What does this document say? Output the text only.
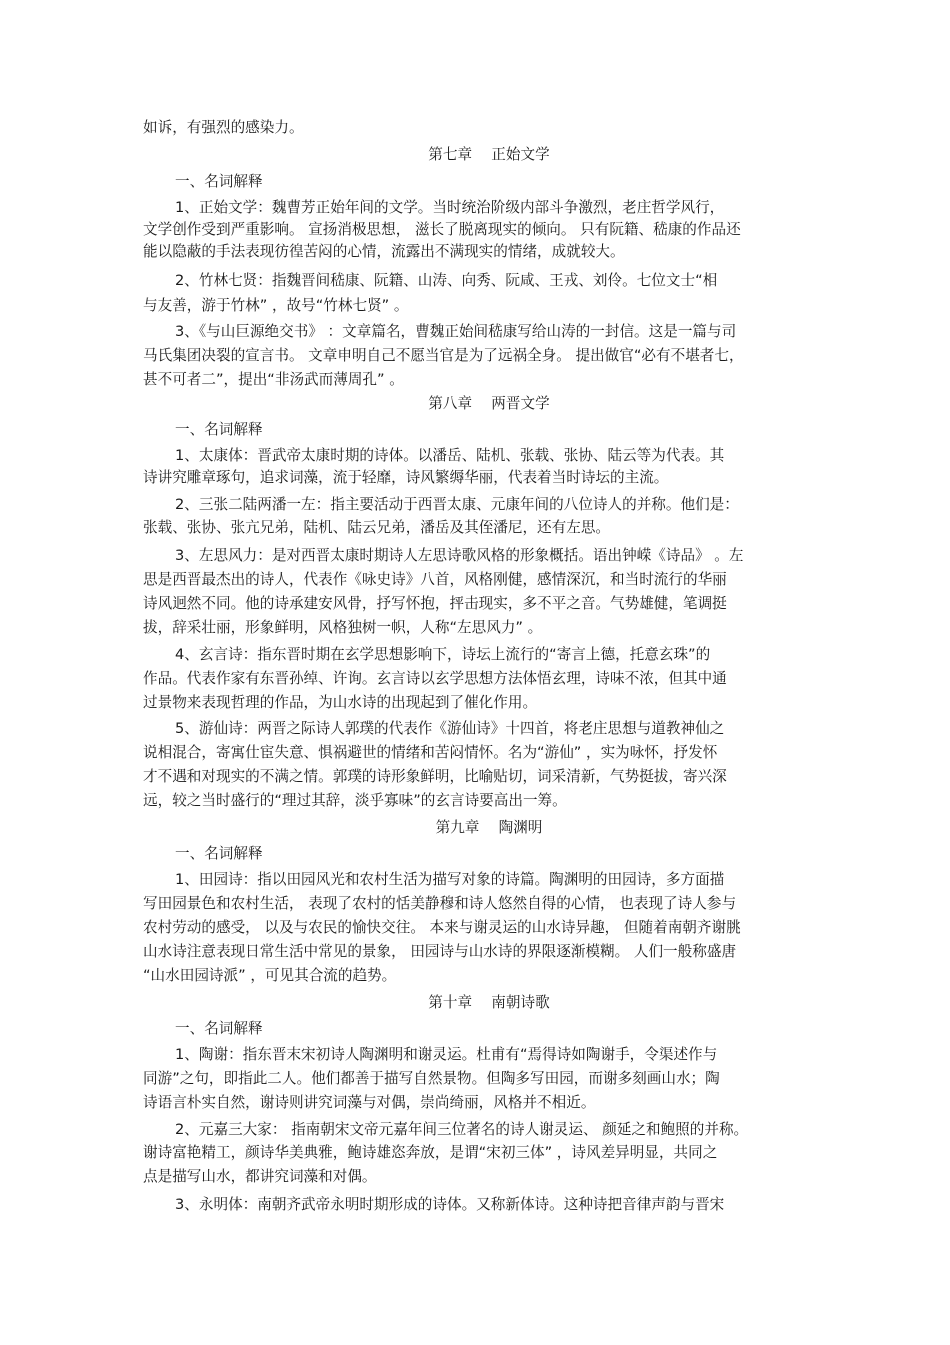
如诉，有强烈的感染力。
第七章　 正始文学
一、名词解释
1、正始文学：魏曹芳正始年间的文学。当时统治阶级内部斗争激烈，老庄哲学风行，
文学创作受到严重影响。 宣扬消极思想， 滋长了脱离现实的倾向。 只有阮籍、嵇康的作品还
能以隐蔽的手法表现彷徨苦闷的心情，流露出不满现实的情绪，成就较大。
2、竹林七贤：指魏晋间嵇康、阮籍、山涛、向秀、阮咸、王戎、刘伶。七位文士“相
与友善，游于竹林” ，故号“竹林七贤” 。
3、《与山巨源绝交书》 ：文章篇名，曹魏正始间嵇康写给山涛的一封信。这是一篇与司
马氏集团决裂的宣言书。 文章申明自己不愿当官是为了远祸全身。 提出做官“必有不堪者七，
甚不可者二”，提出“非汤武而薄周孔” 。
第八章　 两晋文学
一、名词解释
1、太康体：晋武帝太康时期的诗体。以潘岳、陆机、张载、张协、陆云等为代表。其
诗讲究雕章琢句，追求词藻，流于轻靡，诗风繁缛华丽，代表着当时诗坛的主流。
2、三张二陆两潘一左：指主要活动于西晋太康、元康年间的八位诗人的并称。他们是：
张载、张协、张亢兄弟，陆机、陆云兄弟，潘岳及其侄潘尼，还有左思。
3、左思风力：是对西晋太康时期诗人左思诗歌风格的形象概括。语出钟嵘《诗品》 。左
思是西晋最杰出的诗人，代表作《咏史诗》八首，风格刚健，感情深沉，和当时流行的华丽
诗风迥然不同。他的诗承建安风骨，抒写怀抱，抨击现实，多不平之音。气势雄健，笔调挺
拔，辞采壮丽，形象鲜明，风格独树一帜，人称“左思风力” 。
4、玄言诗：指东晋时期在玄学思想影响下，诗坛上流行的“寄言上德，托意玄珠”的
作品。代表作家有东晋孙绰、许询。玄言诗以玄学思想方法体悟玄理，诗味不浓，但其中通
过景物来表现哲理的作品，为山水诗的出现起到了催化作用。
5、游仙诗：两晋之际诗人郭璞的代表作《游仙诗》十四首，将老庄思想与道教神仙之
说相混合，寄寓仕宦失意、惧祸避世的情绪和苦闷情怀。名为“游仙” ，实为咏怀，抒发怀
才不遇和对现实的不满之情。郭璞的诗形象鲜明，比喻贴切，词采清新，气势挺拔，寄兴深
远，较之当时盛行的“理过其辞，淡乎寡味”的玄言诗要高出一筹。
第九章　 陶渊明
一、名词解释
1、田园诗：指以田园风光和农村生活为描写对象的诗篇。陶渊明的田园诗，多方面描
写田园景色和农村生活， 表现了农村的恬美静穆和诗人悠然自得的心情， 也表现了诗人参与
农村劳动的感受， 以及与农民的愉快交往。 本来与谢灵运的山水诗异趣， 但随着南朝齐谢朓
山水诗注意表现日常生活中常见的景象， 田园诗与山水诗的界限逐渐模糊。 人们一般称盛唐
“山水田园诗派” ，可见其合流的趋势。
第十章　 南朝诗歌
一、名词解释
1、陶谢：指东晋末宋初诗人陶渊明和谢灵运。杜甫有“焉得诗如陶谢手，令渠述作与
同游”之句，即指此二人。他们都善于描写自然景物。但陶多写田园，而谢多刻画山水；陶
诗语言朴实自然，谢诗则讲究词藻与对偶，崇尚绮丽，风格并不相近。
2、元嘉三大家： 指南朝宋文帝元嘉年间三位著名的诗人谢灵运、 颜延之和鲍照的并称。
谢诗富艳精工，颜诗华美典雅，鲍诗雄恣奔放，是谓“宋初三体” ，诗风差异明显，共同之
点是描写山水，都讲究词藻和对偶。
3、永明体：南朝齐武帝永明时期形成的诗体。又称新体诗。这种诗把音律声韵与晋宋
